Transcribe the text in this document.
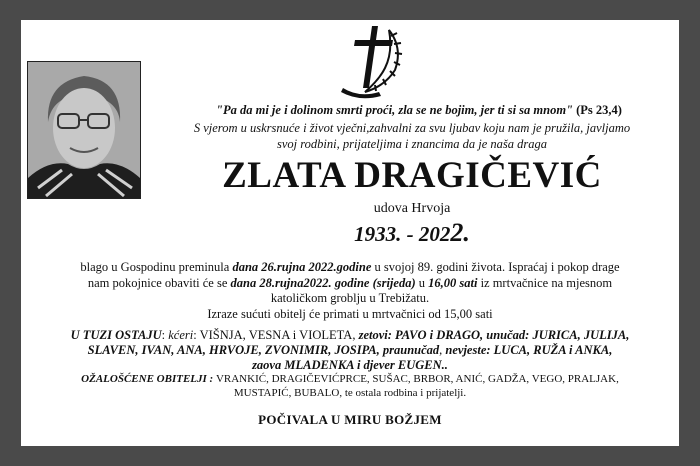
"Pa da mi je i dolinom smrti proći, zla se ne bojim, jer ti si sa mnom" (Ps 23,4)
S vjerom u uskrsnuće i život vječni,zahvalni za svu ljubav koju nam je pružila, javljamo
svoj rodbini, prijateljima i znancima da je naša draga
ZLATA DRAGIČEVIĆ
udova Hrvoja
1933. - 2022.
blago u Gospodinu preminula dana 26.rujna 2022.godine u svojoj 89. godini života. Ispraćaj i pokop drage
nam pokojnice obaviti će se dana 28.rujna2022. godine (srijeda) u 16,00 sati iz mrtvačnice na mjesnom
katoličkom groblju u Trebižatu.
Izraze sućuti obitelj će primati u mrtvačnici od 15,00 sati
U TUZI OSTAJU: kćeri: VIŠNJA, VESNA i VIOLETA, zetovi: PAVO i DRAGO, unučad: JURICA, JULIJA,
SLAVEN, IVAN, ANA, HRVOJE, ZVONIMIR, JOSIPA, praunučad, nevjeste: LUCA, RUŽA i ANKA,
zaova MLADENKA i djever EUGEN..
OŽALOŠĆENE OBITELJI : VRANKIĆ, DRAGIČEVIĆPRCE, SUŠAC, BRBOR, ANIĆ, GADŽA, VEGO, PRALJAK,
MUSTAPIĆ, BUBALO, te ostala rodbina i prijatelji.
POČIVALA U MIRU BOŽJEM
